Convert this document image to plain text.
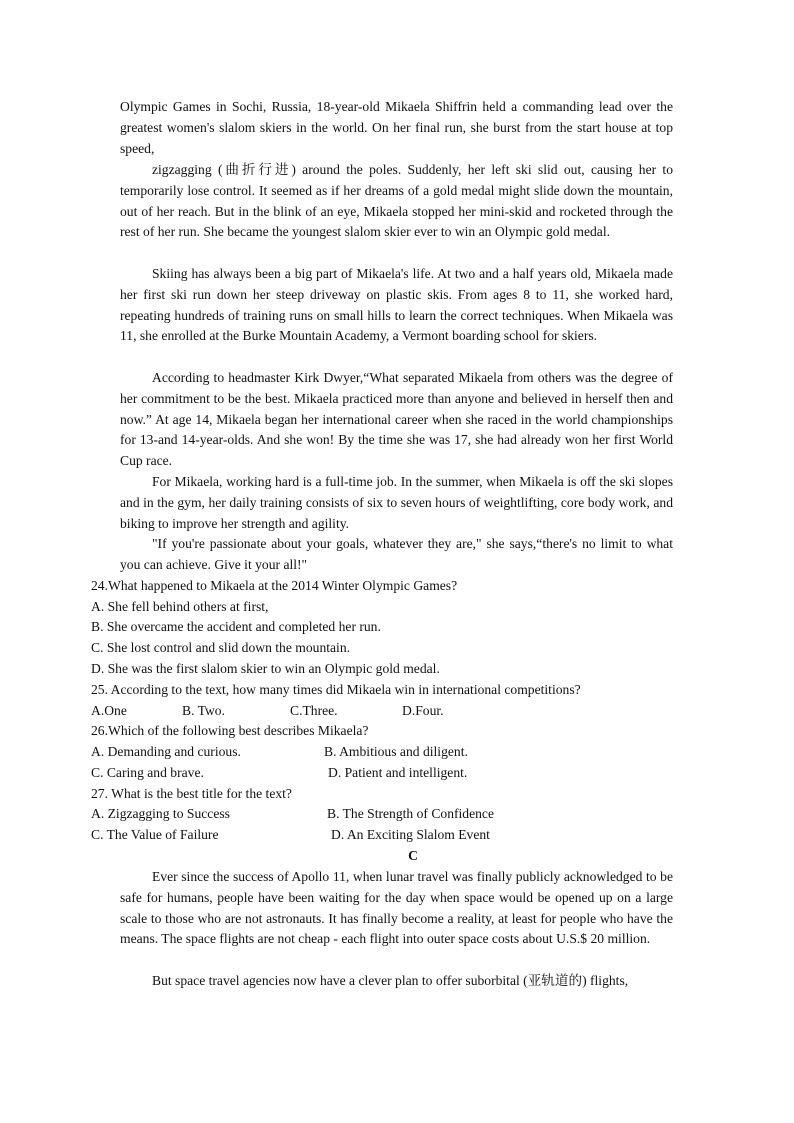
Olympic Games in Sochi, Russia, 18-year-old Mikaela Shiffrin held a commanding lead over the greatest women's slalom skiers in the world. On her final run, she burst from the start house at top speed,

zigzagging (曲折行进) around the poles. Suddenly, her left ski slid out, causing her to temporarily lose control. It seemed as if her dreams of a gold medal might slide down the mountain, out of her reach. But in the blink of an eye, Mikaela stopped her mini-skid and rocketed through the rest of her run. She became the youngest slalom skier ever to win an Olympic gold medal.

Skiing has always been a big part of Mikaela's life. At two and a half years old, Mikaela made her first ski run down her steep driveway on plastic skis. From ages 8 to 11, she worked hard, repeating hundreds of training runs on small hills to learn the correct techniques. When Mikaela was 11, she enrolled at the Burke Mountain Academy, a Vermont boarding school for skiers.

According to headmaster Kirk Dwyer,“What separated Mikaela from others was the degree of her commitment to be the best. Mikaela practiced more than anyone and believed in herself then and now.” At age 14, Mikaela began her international career when she raced in the world championships for 13-and 14-year-olds. And she won! By the time she was 17, she had already won her first World Cup race.

For Mikaela, working hard is a full-time job. In the summer, when Mikaela is off the ski slopes and in the gym, her daily training consists of six to seven hours of weightlifting, core body work, and biking to improve her strength and agility.

"If you're passionate about your goals, whatever they are," she says,“there's no limit to what you can achieve. Give it your all!"

24.What happened to Mikaela at the 2014 Winter Olympic Games?

A. She fell behind others at first,

B. She overcame the accident and completed her run.

C. She lost control and slid down the mountain.

D. She was the first slalom skier to win an Olympic gold medal.

25. According to the text, how many times did Mikaela win in international competitions?

A.One	B. Two.	C.Three.	D.Four.

26.Which of the following best describes Mikaela?

A. Demanding and curious.	B. Ambitious and diligent.

C. Caring and brave.	D. Patient and intelligent.

27. What is the best title for the text?

A. Zigzagging to Success	B. The Strength of Confidence

C. The Value of Failure	D. An Exciting Slalom Event

C

Ever since the success of Apollo 11, when lunar travel was finally publicly acknowledged to be safe for humans, people have been waiting for the day when space would be opened up on a large scale to those who are not astronauts. It has finally become a reality, at least for people who have the means. The space flights are not cheap - each flight into outer space costs about U.S.$ 20 million.

But space travel agencies now have a clever plan to offer suborbital (亚轨道的) flights,
